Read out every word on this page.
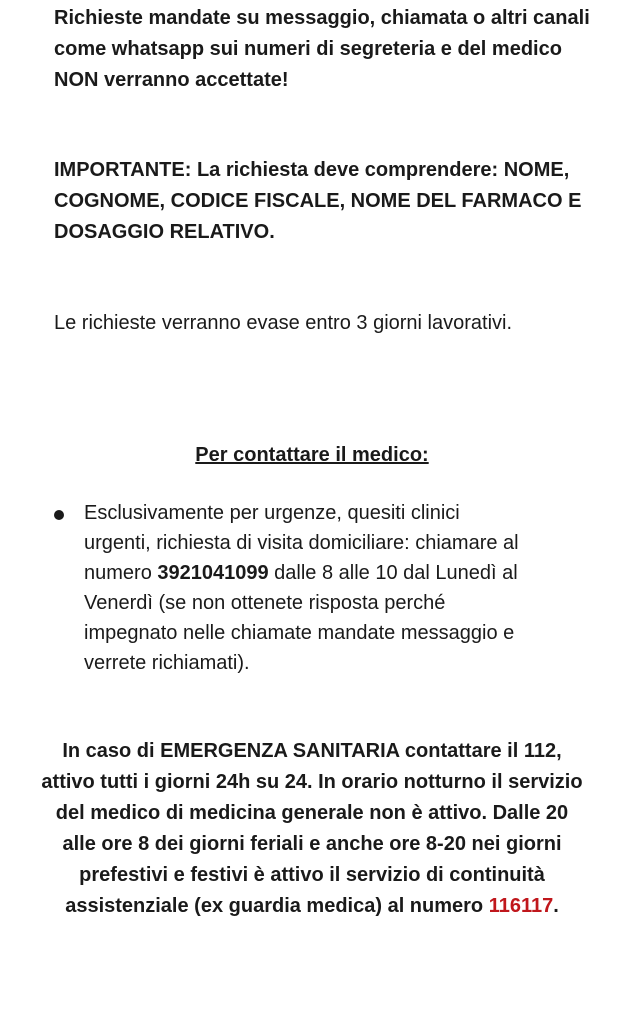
Richieste mandate su messaggio, chiamata o altri canali come whatsapp sui numeri di segreteria e del medico NON verranno accettate!

IMPORTANTE: La richiesta deve comprendere: NOME, COGNOME, CODICE FISCALE, NOME DEL FARMACO E DOSAGGIO RELATIVO.

Le richieste verranno evase entro 3 giorni lavorativi.

Per contattare il medico:
Esclusivamente per urgenze, quesiti clinici urgenti, richiesta di visita domiciliare: chiamare al numero 3921041099 dalle 8 alle 10 dal Lunedì al Venerdì (se non ottenete risposta perché impegnato nelle chiamate mandate messaggio e verrete richiamati).

In caso di EMERGENZA SANITARIA contattare il 112, attivo tutti i giorni 24h su 24. In orario notturno il servizio del medico di medicina generale non è attivo. Dalle 20 alle ore 8 dei giorni feriali e anche ore 8-20 nei giorni prefestivi e festivi è attivo il servizio di continuità assistenziale (ex guardia medica) al numero 116117.
